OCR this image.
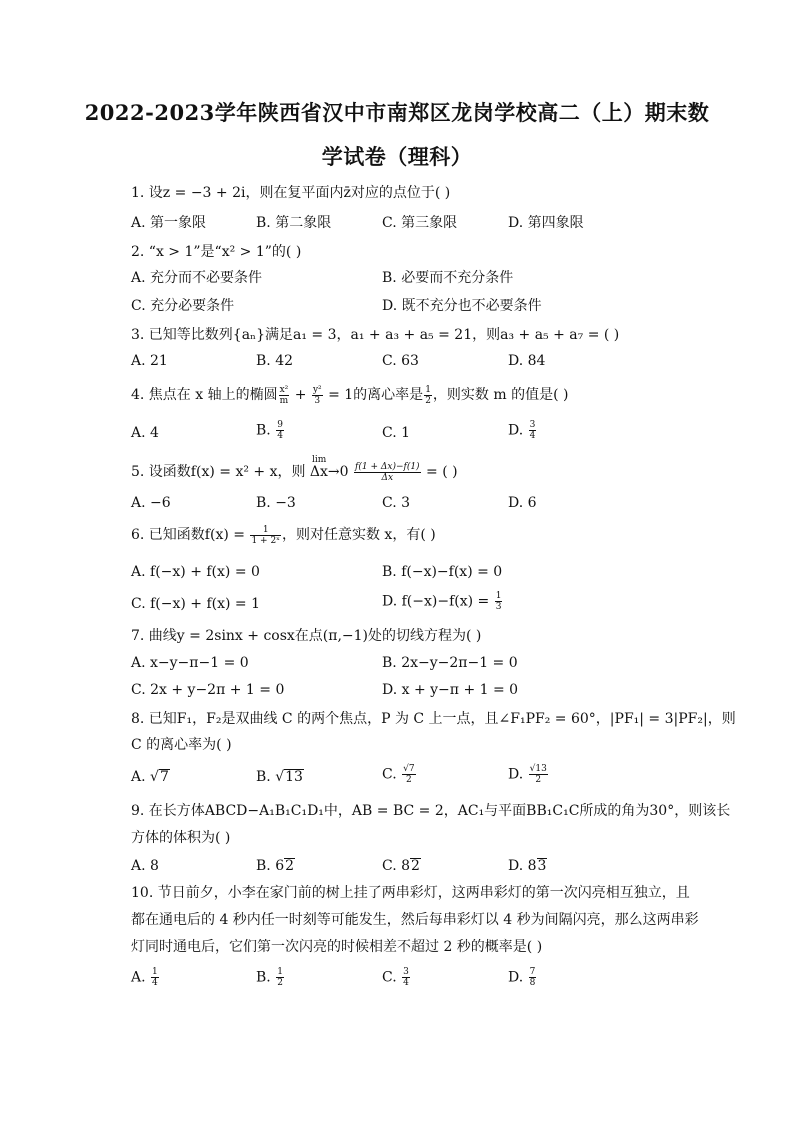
2022-2023学年陕西省汉中市南郑区龙岗学校高二（上）期末数
学试卷（理科）
1. 设z = −3 + 2i，则在复平面内z̄对应的点位于( )
A. 第一象限	B. 第二象限	C. 第三象限	D. 第四象限
2. “x > 1”是“x² > 1”的( )
A. 充分而不必要条件	B. 必要而不充分条件
C. 充分必要条件	D. 既不充分也不必要条件
3. 已知等比数列{aₙ}满足a₁ = 3，a₁ + a₃ + a₅ = 21，则a₃ + a₅ + a₇ = ( )
A. 21	B. 42	C. 63	D. 84
4. 焦点在 x 轴上的椭圆 $\frac{\text{x²}}{m} + \frac{\text{y²}}{3} = 1$的离心率是 $\frac{1}{2}$ ，则实数 m 的值是( )
A. 4	B. $\frac{9}{4}$	C. 1	D. $\frac{3}{4}$
5. 设函数f(x) = x² + x，则 $\Delta x\to 0 \frac{f(1 + \Delta x)-f(1)}{\Delta x}$ = ( )
lim
A. −6	B. −3	C. 3	D. 6
6. 已知函数$f(x) = \frac{1}{\text{1 + 2ˣ}}$ ，则对任意实数 x，有( )
A. f(−x) + f(x) = 0	B. f(−x)−f(x) = 0
C. f(−x) + f(x) = 1	D. $f(-x)-f(x) = \frac{1}{3}$
7. 曲线y = 2sinx + cosx在点(π,−1)处的切线方程为( )
A. x−y−π−1 = 0	B. 2x−y−2π−1 = 0
C. 2x + y−2π + 1 = 0	D. x + y−π + 1 = 0
8. 已知F₁，F₂是双曲线 C 的两个焦点，P 为 C 上一点，且∠F₁PF₂ = 60°，|PF₁| = 3|PF₂|，则
C 的离心率为( )
A. √7	B. √13	C. $\frac{√7}{2}$	D. $\frac{√13}{2}$
9. 在长方体ABCD−A₁B₁C₁D₁中，AB = BC = 2，AC₁与平面BB₁C₁C所成的角为30°，则该长
方体的体积为( )
A. 8	B. 62	C. 82	D. 83
10. 节日前夕，小李在家门前的树上挂了两串彩灯，这两串彩灯的第一次闪亮相互独立，且
都在通电后的 4 秒内任一时刻等可能发生，然后每串彩灯以 4 秒为间隔闪亮，那么这两串彩
灯同时通电后，它们第一次闪亮的时候相差不超过 2 秒的概率是( )
A. $\frac{1}{4}$	B. $\frac{1}{2}$	C. $\frac{3}{4}$	D. $\frac{7}{8}$
